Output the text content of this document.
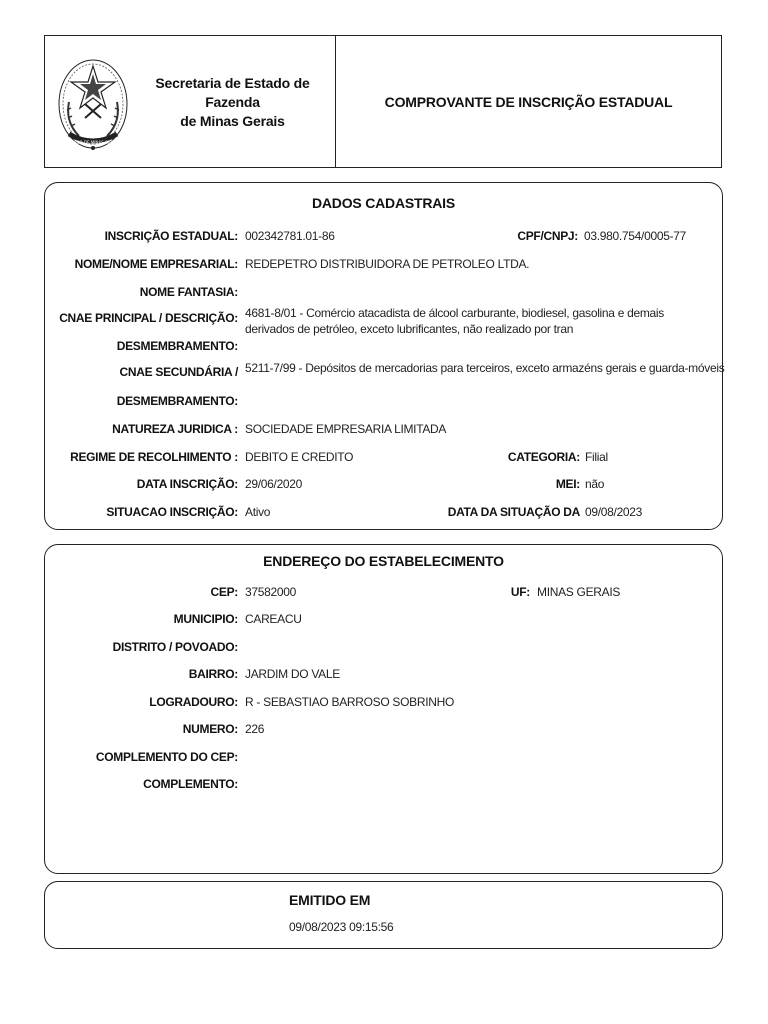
ESTADO DE MINAS GERAIS
Secretaria de Estado de
Fazenda
de Minas Gerais
COMPROVANTE DE INSCRIÇÃO ESTADUAL
DADOS CADASTRAIS
INSCRIÇÃO ESTADUAL: 002342781.01-86	CPF/CNPJ: 03.980.754/0005-77
NOME/NOME EMPRESARIAL: REDEPETRO DISTRIBUIDORA DE PETROLEO LTDA.
NOME FANTASIA:
CNAE PRINCIPAL / DESCRIÇÃO: 4681-8/01 - Comércio atacadista de álcool carburante, biodiesel, gasolina e demais derivados de petróleo, exceto lubrificantes, não realizado por tran
DESMEMBRAMENTO:
CNAE SECUNDÁRIA / 5211-7/99 - Depósitos de mercadorias para terceiros, exceto armazéns gerais e guarda-móveis
DESMEMBRAMENTO:
NATUREZA JURIDICA : SOCIEDADE EMPRESARIA LIMITADA
REGIME DE RECOLHIMENTO : DEBITO E CREDITO	CATEGORIA: Filial
DATA INSCRIÇÃO: 29/06/2020	MEI: não
SITUACAO INSCRIÇÃO: Ativo	DATA DA SITUAÇÃO DA 09/08/2023
ENDEREÇO DO ESTABELECIMENTO
CEP: 37582000	UF: MINAS GERAIS
MUNICIPIO: CAREACU
DISTRITO / POVOADO:
BAIRRO: JARDIM DO VALE
LOGRADOURO: R - SEBASTIAO BARROSO SOBRINHO
NUMERO: 226
COMPLEMENTO DO CEP:
COMPLEMENTO:
EMITIDO EM
09/08/2023 09:15:56
